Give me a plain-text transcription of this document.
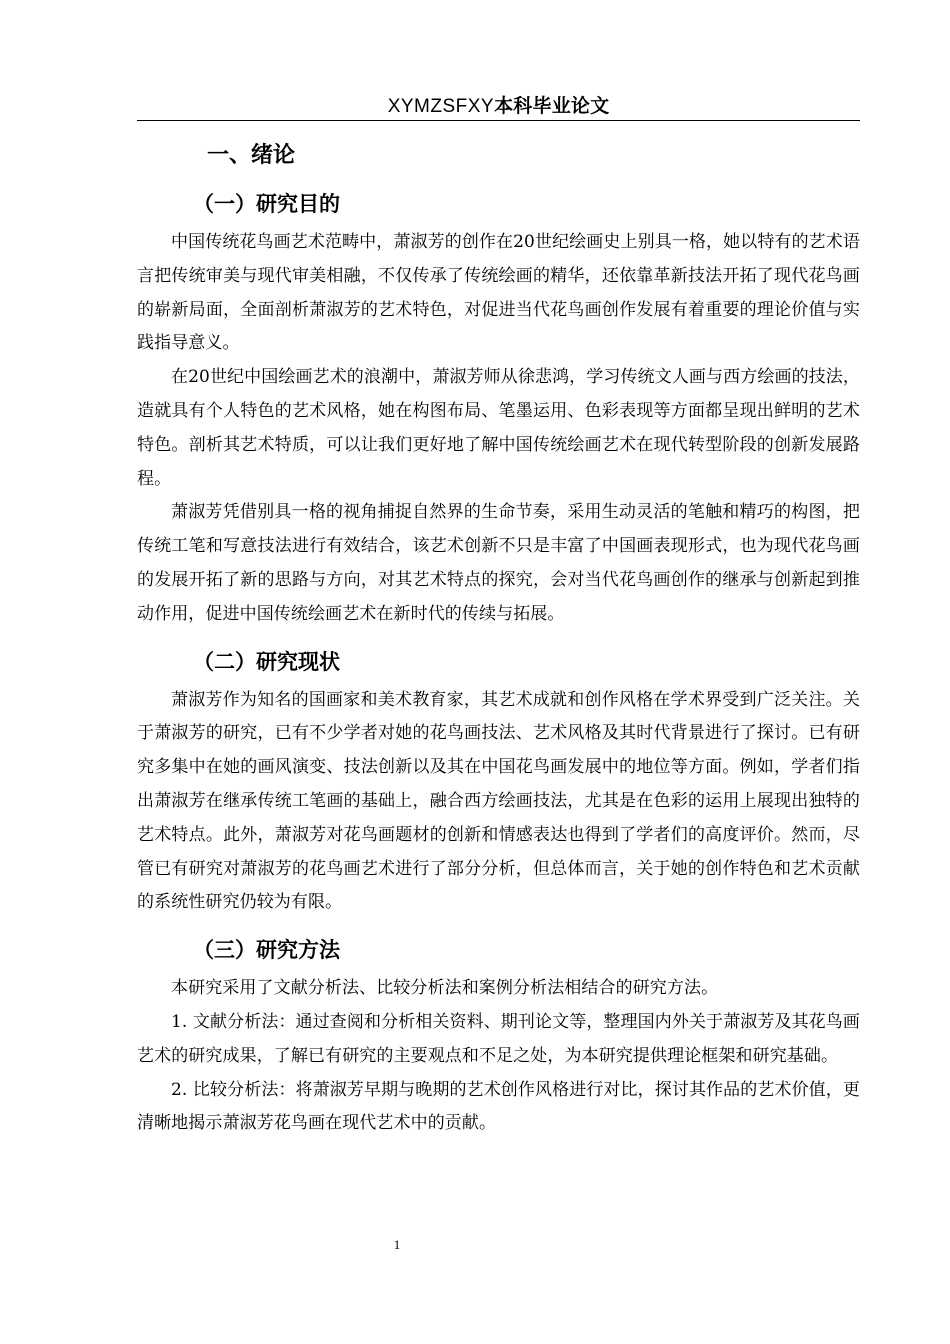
XYMZSFXY本科毕业论文
一、绪论
（一）研究目的

中国传统花鸟画艺术范畴中，萧淑芳的创作在20世纪绘画史上别具一格，她以特有的艺术语言把传统审美与现代审美相融，不仅传承了传统绘画的精华，还依靠革新技法开拓了现代花鸟画的崭新局面，全面剖析萧淑芳的艺术特色，对促进当代花鸟画创作发展有着重要的理论价值与实践指导意义。

在20世纪中国绘画艺术的浪潮中，萧淑芳师从徐悲鸿，学习传统文人画与西方绘画的技法，造就具有个人特色的艺术风格，她在构图布局、笔墨运用、色彩表现等方面都呈现出鲜明的艺术特色。剖析其艺术特质，可以让我们更好地了解中国传统绘画艺术在现代转型阶段的创新发展路程。

萧淑芳凭借别具一格的视角捕捉自然界的生命节奏，采用生动灵活的笔触和精巧的构图，把传统工笔和写意技法进行有效结合，该艺术创新不只是丰富了中国画表现形式，也为现代花鸟画的发展开拓了新的思路与方向，对其艺术特点的探究，会对当代花鸟画创作的继承与创新起到推动作用，促进中国传统绘画艺术在新时代的传续与拓展。

（二）研究现状

萧淑芳作为知名的国画家和美术教育家，其艺术成就和创作风格在学术界受到广泛关注。关于萧淑芳的研究，已有不少学者对她的花鸟画技法、艺术风格及其时代背景进行了探讨。已有研究多集中在她的画风演变、技法创新以及其在中国花鸟画发展中的地位等方面。例如，学者们指出萧淑芳在继承传统工笔画的基础上，融合西方绘画技法，尤其是在色彩的运用上展现出独特的艺术特点。此外，萧淑芳对花鸟画题材的创新和情感表达也得到了学者们的高度评价。然而，尽管已有研究对萧淑芳的花鸟画艺术进行了部分分析，但总体而言，关于她的创作特色和艺术贡献的系统性研究仍较为有限。

（三）研究方法

本研究采用了文献分析法、比较分析法和案例分析法相结合的研究方法。

1. 文献分析法：通过查阅和分析相关资料、期刊论文等，整理国内外关于萧淑芳及其花鸟画艺术的研究成果，了解已有研究的主要观点和不足之处，为本研究提供理论框架和研究基础。

2. 比较分析法：将萧淑芳早期与晚期的艺术创作风格进行对比，探讨其作品的艺术价值，更清晰地揭示萧淑芳花鸟画在现代艺术中的贡献。

1
